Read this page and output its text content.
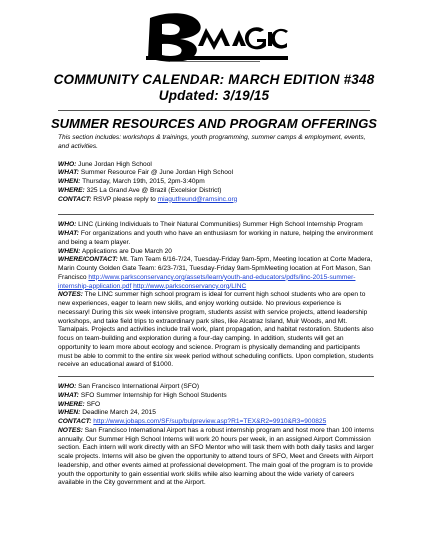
COMMUNITY CALENDAR: MARCH EDITION #348
Updated: 3/19/15
SUMMER RESOURCES AND PROGRAM OFFERINGS

This section includes: workshops & trainings, youth programming, summer camps & employment, events, and activities.

WHO: June Jordan High School

WHAT: Summer Resource Fair @ June Jordan High School

WHEN: Thursday, March 19th, 2015, 2pm-3:40pm

WHERE: 325 La Grand Ave @ Brazil (Excelsior District)

CONTACT: RSVP please reply to miagutfreund@ramsinc.org

WHO: LINC (Linking Individuals to Their Natural Communities) Summer High School Internship Program

WHAT: For organizations and youth who have an enthusiasm for working in nature, helping the environment and being a team player.

WHEN: Applications are Due March 20

WHERE/CONTACT: Mt. Tam Team 6/16-7/24, Tuesday-Friday 9am-5pm, Meeting location at Corte Madera, Marin County Golden Gate Team: 6/23-7/31, Tuesday-Friday 9am-5pmMeeting location at Fort Mason, San Francisco http://www.parksconservancy.org/assets/learn/youth-and-educators/pdfs/linc-2015-summer-internship-application.pdf http://www.parksconservancy.org/LINC

NOTES: The LINC summer high school program is ideal for current high school students who are open to new experiences, eager to learn new skills, and enjoy working outside. No previous experience is necessary! During this six week intensive program, students assist with service projects, attend leadership workshops, and take field trips to extraordinary park sites, like Alcatraz Island, Muir Woods, and Mt. Tamalpais. Projects and activities include trail work, plant propagation, and habitat restoration. Students also focus on team-building and exploration during a four-day camping. In addition, students will get an opportunity to learn more about ecology and science. Program is physically demanding and participants must be able to commit to the entire six week period without scheduling conflicts. Upon completion, students receive an educational award of $1000.

WHO: San Francisco International Airport (SFO)

WHAT: SFO Summer Internship for High School Students

WHERE: SFO

WHEN: Deadline March 24, 2015

CONTACT: http://www.jobaps.com/SF/sup/bulpreview.asp?R1=TEX&R2=9910&R3=900825

NOTES: San Francisco International Airport has a robust internship program and host more than 100 interns annually. Our Summer High School Interns will work 20 hours per week, in an assigned Airport Commission section. Each intern will work directly with an SFO Mentor who will task them with both daily tasks and larger scale projects. Interns will also be given the opportunity to attend tours of SFO, Meet and Greets with Airport leadership, and other events aimed at professional development. The main goal of the program is to provide youth the opportunity to gain essential work skills while also learning about the wide variety of careers available in the City government and at the Airport.
